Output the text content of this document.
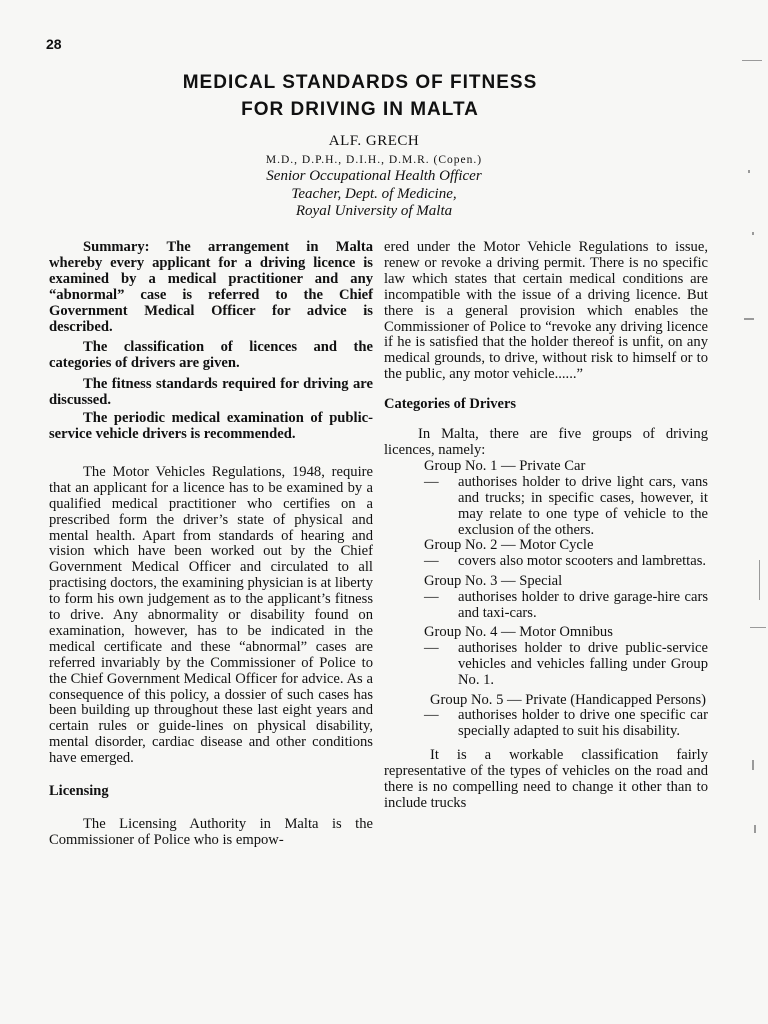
28
MEDICAL STANDARDS OF FITNESS
FOR DRIVING IN MALTA
ALF. GRECH
M.D., D.P.H., D.I.H., D.M.R. (Copen.)
Senior Occupational Health Officer
Teacher, Dept. of Medicine,
Royal University of Malta

Summary: The arrangement in Malta whereby every applicant for a driving licence is examined by a medical practitioner and any “abnormal” case is referred to the Chief Government Medical Officer for advice is described.

The classification of licences and the categories of drivers are given.

The fitness standards required for driving are discussed.

The periodic medical examination of public-service vehicle drivers is recommended.

The Motor Vehicles Regulations, 1948, require that an applicant for a licence has to be examined by a qualified medical practitioner who certifies on a prescribed form the driver’s state of physical and mental health. Apart from standards of hearing and vision which have been worked out by the Chief Government Medical Officer and circulated to all practising doctors, the examining physician is at liberty to form his own judgement as to the applicant’s fitness to drive. Any abnormality or disability found on examination, however, has to be indicated in the medical certificate and these “abnormal” cases are referred invariably by the Commissioner of Police to the Chief Government Medical Officer for advice. As a consequence of this policy, a dossier of such cases has been building up throughout these last eight years and certain rules or guide-lines on physical disability, mental disorder, cardiac disease and other conditions have emerged.

Licensing

The Licensing Authority in Malta is the Commissioner of Police who is empow-

ered under the Motor Vehicle Regulations to issue, renew or revoke a driving permit. There is no specific law which states that certain medical conditions are incompatible with the issue of a driving licence. But there is a general provision which enables the Commissioner of Police to “revoke any driving licence if he is satisfied that the holder thereof is unfit, on any medical grounds, to drive, without risk to himself or to the public, any motor vehicle......”

Categories of Drivers

In Malta, there are five groups of driving licences, namely:

Group No. 1 — Private Car
— authorises holder to drive light cars, vans and trucks; in specific cases, however, it may relate to one type of vehicle to the exclusion of the others.
Group No. 2 — Motor Cycle
— covers also motor scooters and lambrettas.
Group No. 3 — Special
— authorises holder to drive garage-hire cars and taxi-cars.
Group No. 4 — Motor Omnibus
— authorises holder to drive public-service vehicles and vehicles falling under Group No. 1.
Group No. 5 — Private (Handicapped Persons)
— authorises holder to drive one specific car specially adapted to suit his disability.

It is a workable classification fairly representative of the types of vehicles on the road and there is no compelling need to change it other than to include trucks
